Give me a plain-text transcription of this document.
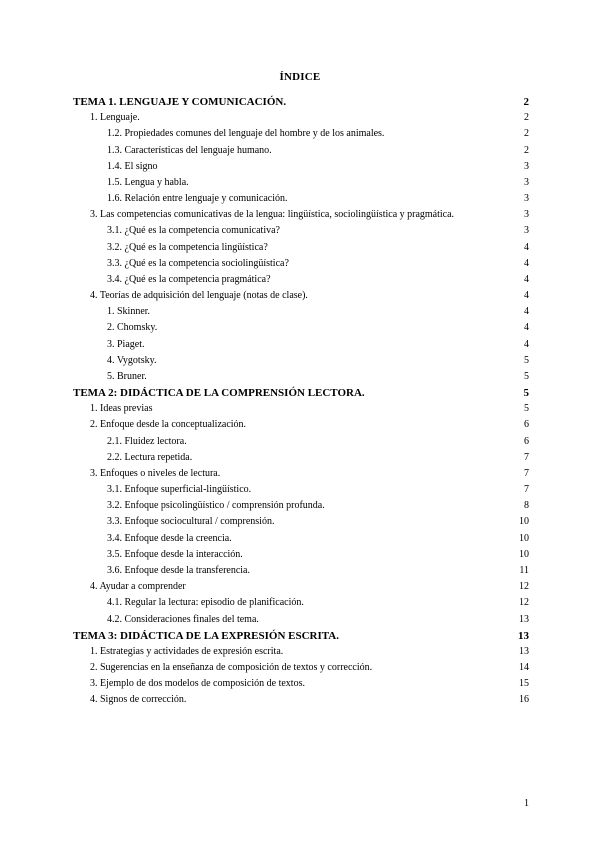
ÍNDICE
TEMA 1. LENGUAJE Y COMUNICACIÓN.	2
1. Lenguaje.	2
1.2. Propiedades comunes del lenguaje del hombre y de los animales.	2
1.3. Características del lenguaje humano.	2
1.4. El signo	3
1.5. Lengua y habla.	3
1.6. Relación entre lenguaje y comunicación.	3
3. Las competencias comunicativas de la lengua: lingüística, sociolingüística y pragmática.	3
3.1. ¿Qué es la competencia comunicativa?	3
3.2. ¿Qué es la competencia lingüística?	4
3.3. ¿Qué es la competencia sociolingüística?	4
3.4. ¿Qué es la competencia pragmática?	4
4. Teorías de adquisición del lenguaje (notas de clase).	4
1. Skinner.	4
2. Chomsky.	4
3. Piaget.	4
4. Vygotsky.	5
5. Bruner.	5
TEMA 2: DIDÁCTICA DE LA COMPRENSIÓN LECTORA.	5
1. Ideas previas	5
2. Enfoque desde la conceptualización.	6
2.1. Fluidez lectora.	6
2.2. Lectura repetida.	7
3. Enfoques o niveles de lectura.	7
3.1. Enfoque superficial-lingüístico.	7
3.2. Enfoque psicolingüístico / comprensión profunda.	8
3.3. Enfoque sociocultural / comprensión.	10
3.4. Enfoque desde la creencia.	10
3.5. Enfoque desde la interacción.	10
3.6. Enfoque desde la transferencia.	11
4. Ayudar a comprender	12
4.1. Regular la lectura: episodio de planificación.	12
4.2. Consideraciones finales del tema.	13
TEMA 3: DIDÁCTICA DE LA EXPRESIÓN ESCRITA.	13
1. Estrategias y actividades de expresión escrita.	13
2. Sugerencias en la enseñanza de composición de textos y corrección.	14
3. Ejemplo de dos modelos de composición de textos.	15
4. Signos de corrección.	16
1
